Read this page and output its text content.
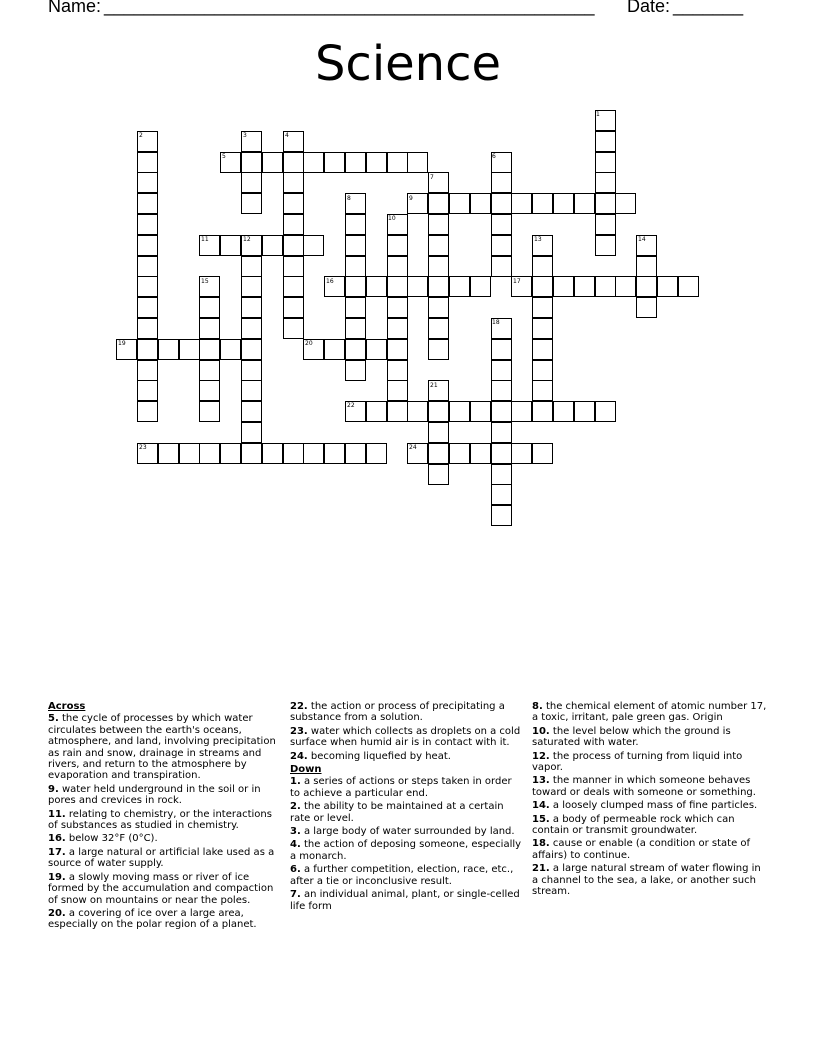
Name: _________________________________________________ Date: _______
Science
1
2	3	4
5	6
7
8	9
10
11	12	13	14
15	16	17
18
19	20
21
22
23	24
Across
5. the cycle of processes by which water circulates between the earth's oceans, atmosphere, and land, involving precipitation as rain and snow, drainage in streams and rivers, and return to the atmosphere by evaporation and transpiration.
9. water held underground in the soil or in pores and crevices in rock.
11. relating to chemistry, or the interactions of substances as studied in chemistry.
16. below 32°F (0°C).
17. a large natural or artificial lake used as a source of water supply.
19. a slowly moving mass or river of ice formed by the accumulation and compaction of snow on mountains or near the poles.
20. a covering of ice over a large area, especially on the polar region of a planet.
22. the action or process of precipitating a substance from a solution.
23. water which collects as droplets on a cold surface when humid air is in contact with it.
24. becoming liquefied by heat.
Down
1. a series of actions or steps taken in order to achieve a particular end.
2. the ability to be maintained at a certain rate or level.
3. a large body of water surrounded by land.
4. the action of deposing someone, especially a monarch.
6. a further competition, election, race, etc., after a tie or inconclusive result.
7. an individual animal, plant, or single-celled life form
8. the chemical element of atomic number 17, a toxic, irritant, pale green gas. Origin
10. the level below which the ground is saturated with water.
12. the process of turning from liquid into vapor.
13. the manner in which someone behaves toward or deals with someone or something.
14. a loosely clumped mass of fine particles.
15. a body of permeable rock which can contain or transmit groundwater.
18. cause or enable (a condition or state of affairs) to continue.
21. a large natural stream of water flowing in a channel to the sea, a lake, or another such stream.
